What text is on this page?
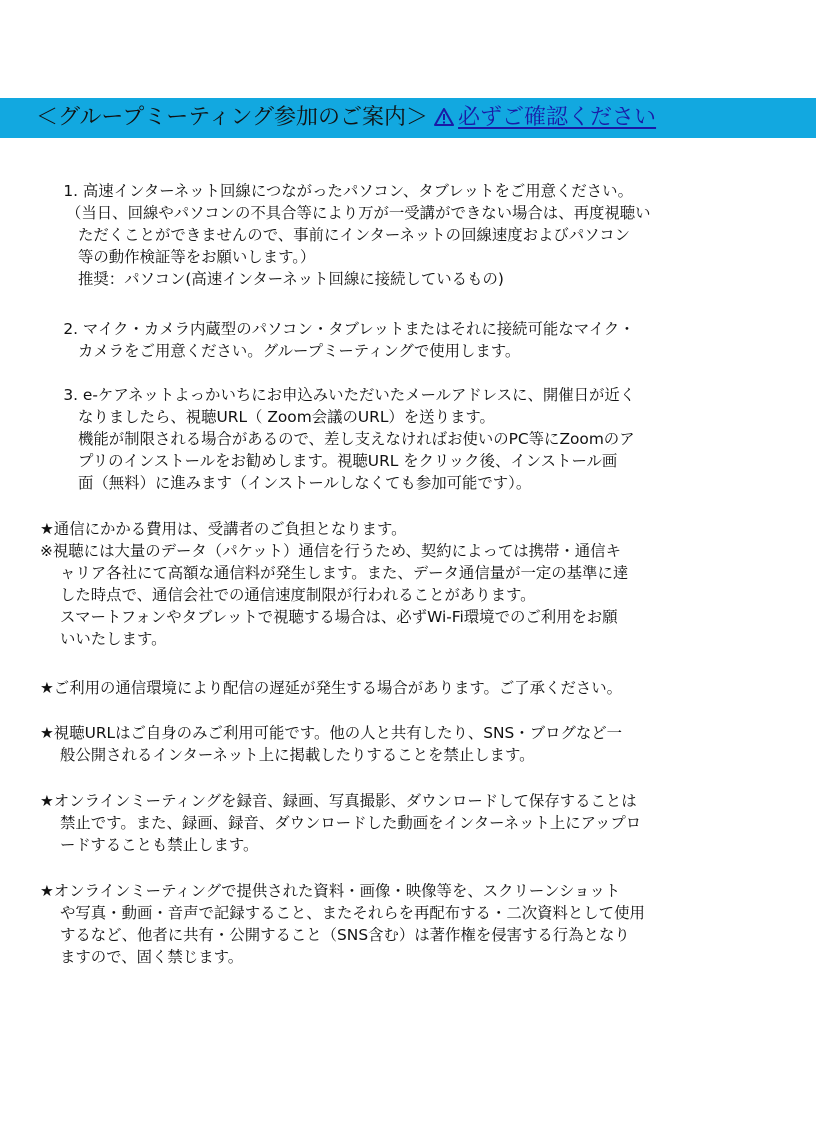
＜グループミーティング参加のご案内＞ 必ずご確認ください
1. 高速インターネット回線につながったパソコン、タブレットをご用意ください。
（当日、回線やパソコンの不具合等により万が一受講ができない場合は、再度視聴い
ただくことができませんので、事前にインターネットの回線速度およびパソコン
等の動作検証等をお願いします。）
推奨：パソコン(高速インターネット回線に接続しているもの)
2. マイク・カメラ内蔵型のパソコン・タブレットまたはそれに接続可能なマイク・
カメラをご用意ください。グループミーティングで使用します。
3. e-ケアネットよっかいちにお申込みいただいたメールアドレスに、開催日が近く
なりましたら、視聴URL（ Zoom会議のURL）を送ります。
機能が制限される場合があるので、差し支えなければお使いのPC等にZoomのア
プリのインストールをお勧めします。視聴URL をクリック後、インストール画
面（無料）に進みます（インストールしなくても参加可能です）。
★通信にかかる費用は、受講者のご負担となります。
※視聴には大量のデータ（パケット）通信を行うため、契約によっては携帯・通信キ
ャリア各社にて高額な通信料が発生します。また、データ通信量が一定の基準に達
した時点で、通信会社での通信速度制限が行われることがあります。
スマートフォンやタブレットで視聴する場合は、必ずWi-Fi環境でのご利用をお願
いいたします。
★ご利用の通信環境により配信の遅延が発生する場合があります。ご了承ください。
★視聴URLはご自身のみご利用可能です。他の人と共有したり、SNS・ブログなど一
般公開されるインターネット上に掲載したりすることを禁止します。
★オンラインミーティングを録音、録画、写真撮影、ダウンロードして保存することは
禁止です。また、録画、録音、ダウンロードした動画をインターネット上にアップロ
ードすることも禁止します。
★オンラインミーティングで提供された資料・画像・映像等を、スクリーンショット
や写真・動画・音声で記録すること、またそれらを再配布する・二次資料として使用
するなど、他者に共有・公開すること（SNS含む）は著作権を侵害する行為となり
ますので、固く禁じます。
